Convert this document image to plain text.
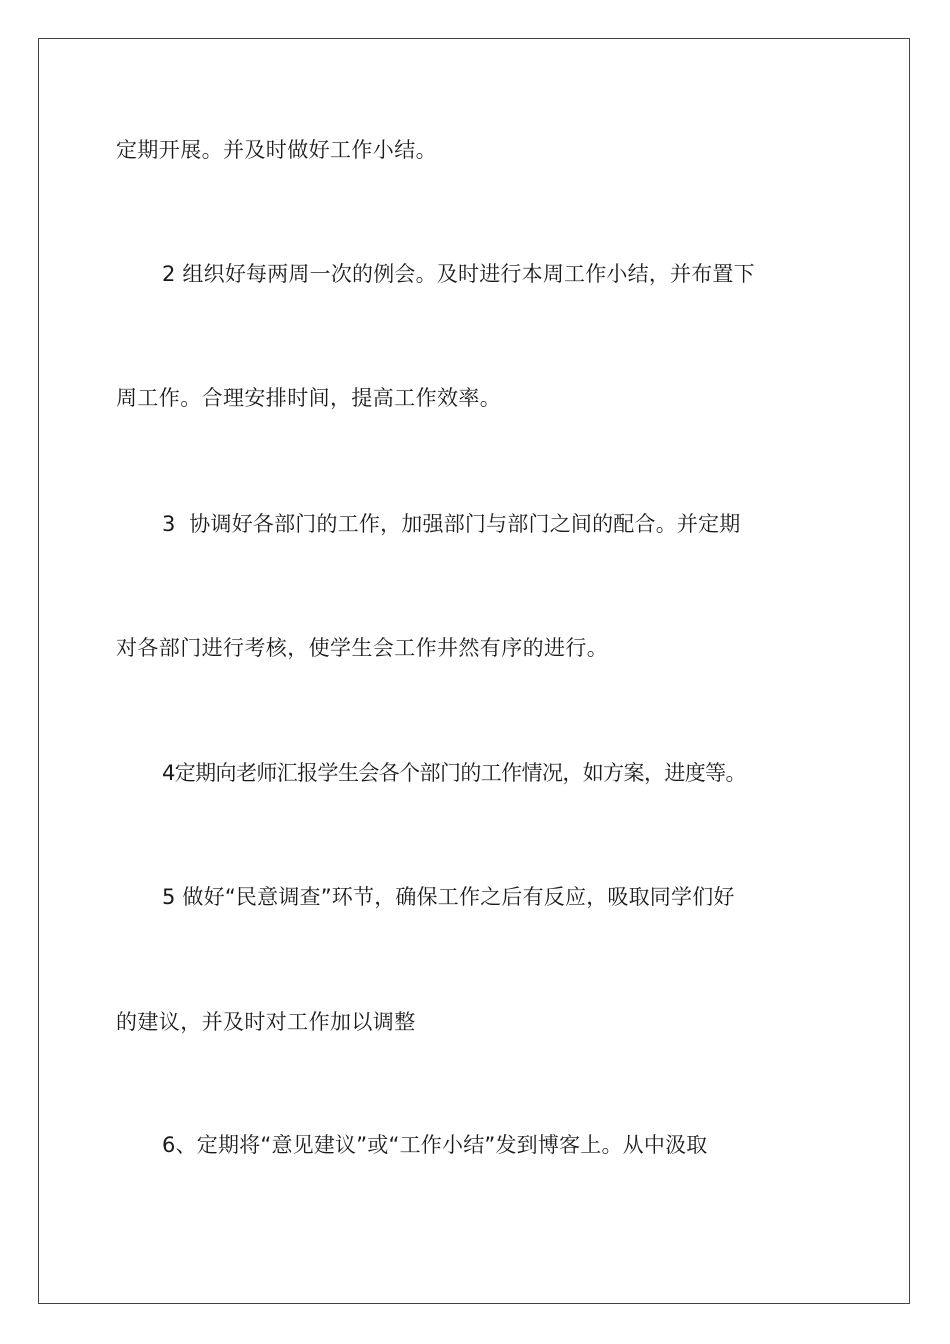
定期开展。并及时做好工作小结。
2 组织好每两周一次的例会。及时进行本周工作小结，并布置下
周工作。合理安排时间，提高工作效率。
3  协调好各部门的工作，加强部门与部门之间的配合。并定期
对各部门进行考核，使学生会工作井然有序的进行。
4定期向老师汇报学生会各个部门的工作情况，如方案，进度等。
5 做好“民意调查”环节，确保工作之后有反应，吸取同学们好
的建议，并及时对工作加以调整
6、定期将“意见建议”或“工作小结”发到博客上。从中汲取
